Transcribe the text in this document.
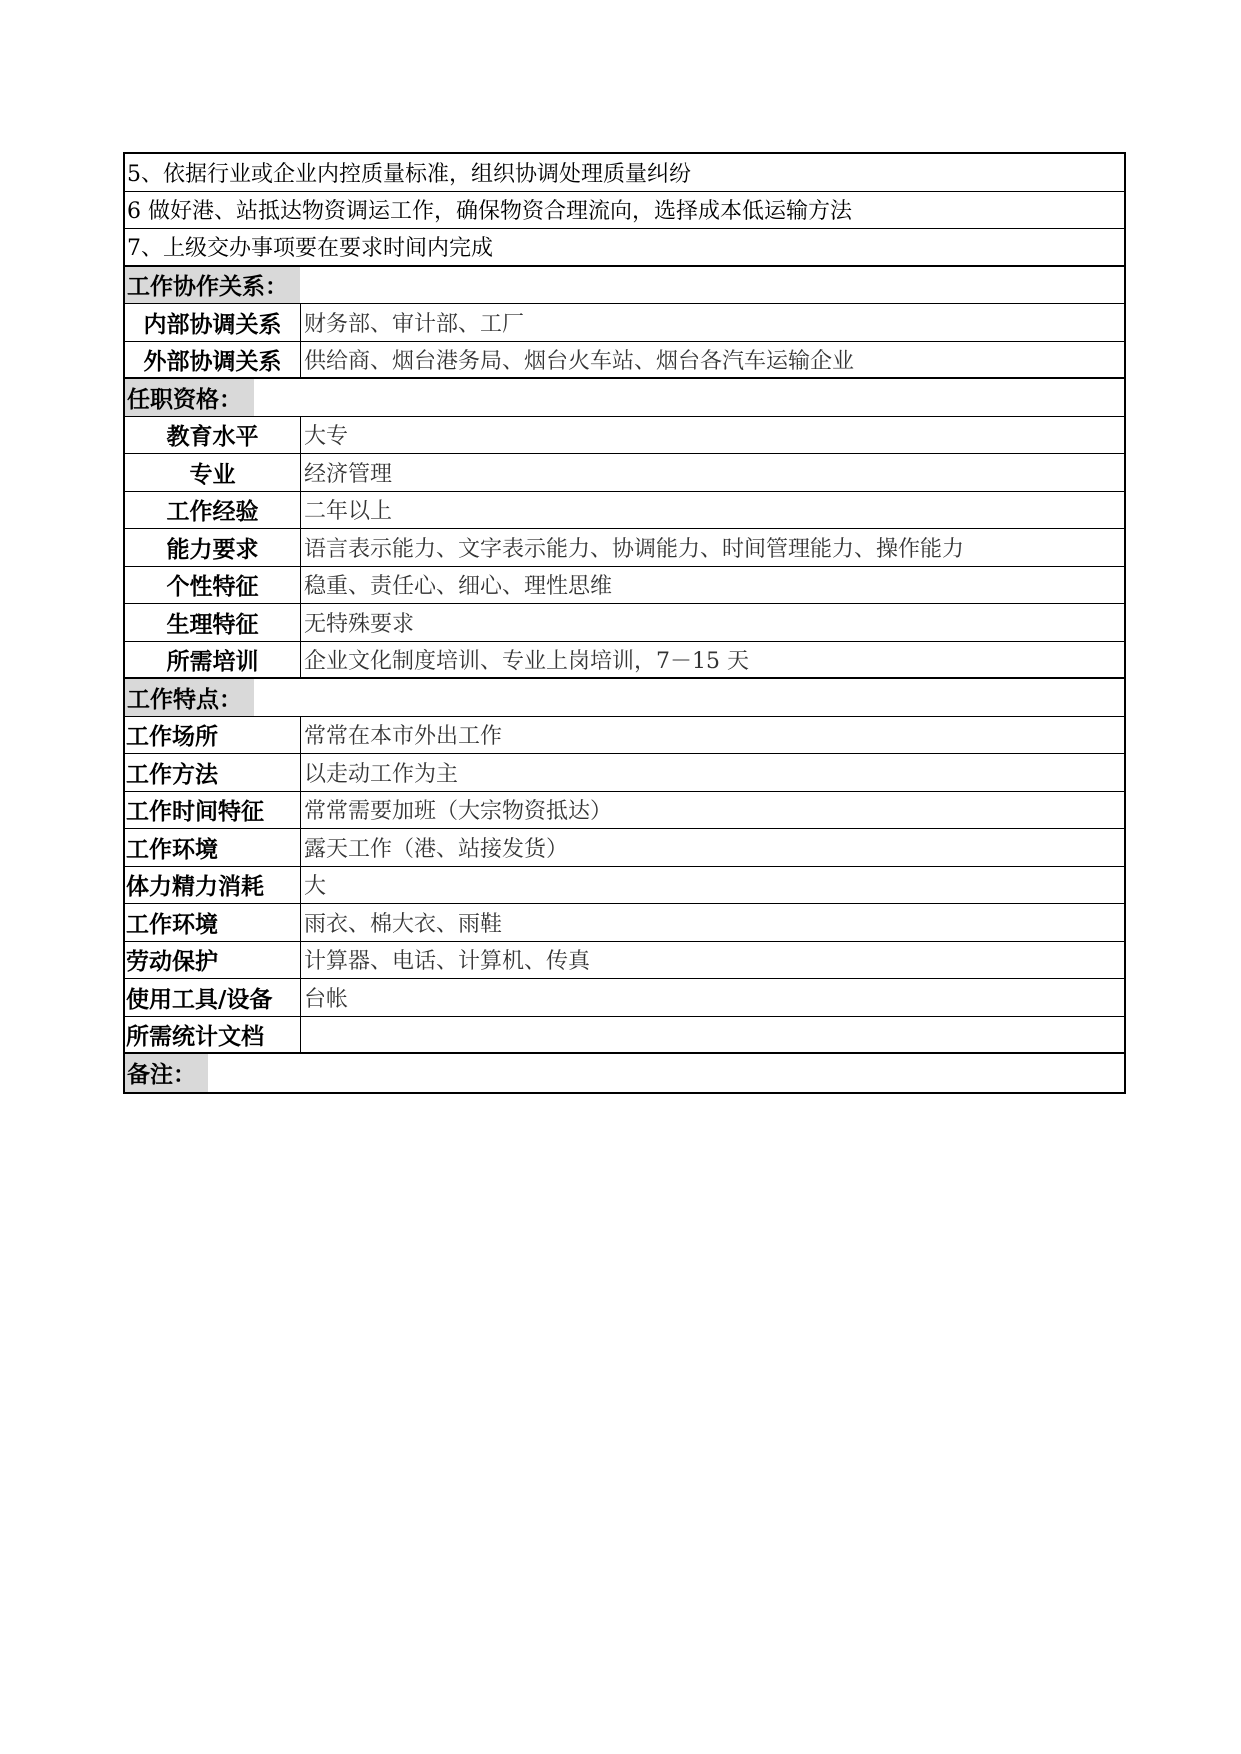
5、依据行业或企业内控质量标准，组织协调处理质量纠纷
6 做好港、站抵达物资调运工作，确保物资合理流向，选择成本低运输方法
7、上级交办事项要在要求时间内完成
工作协作关系：
内部协调关系	财务部、审计部、工厂
外部协调关系	供给商、烟台港务局、烟台火车站、烟台各汽车运输企业
任职资格：
教育水平	大专
专业	经济管理
工作经验	二年以上
能力要求	语言表示能力、文字表示能力、协调能力、时间管理能力、操作能力
个性特征	稳重、责任心、细心、理性思维
生理特征	无特殊要求
所需培训	企业文化制度培训、专业上岗培训，7－15 天
工作特点：
工作场所	常常在本市外出工作
工作方法	以走动工作为主
工作时间特征	常常需要加班（大宗物资抵达）
工作环境	露天工作（港、站接发货）
体力精力消耗	大
工作环境	雨衣、棉大衣、雨鞋
劳动保护	计算器、电话、计算机、传真
使用工具/设备	台帐
所需统计文档
备注：
